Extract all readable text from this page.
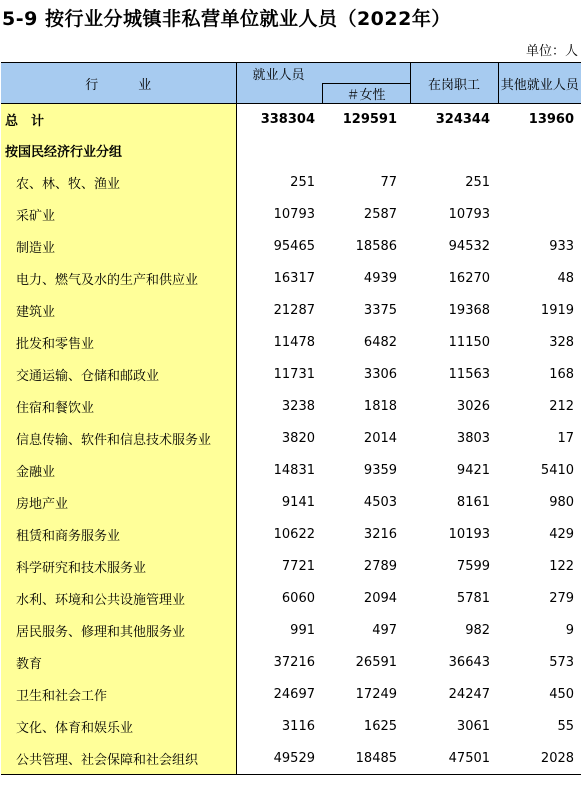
5-9 按行业分城镇非私营单位就业人员（2022年）
单位：人
行 业	就业人员		在岗职工	其他就业人员
		＃女性		
总　计	338304	129591	324344	13960
按国民经济行业分组				
农、林、牧、渔业	251	77	251	
采矿业	10793	2587	10793	
制造业	95465	18586	94532	933
电力、燃气及水的生产和供应业	16317	4939	16270	48
建筑业	21287	3375	19368	1919
批发和零售业	11478	6482	11150	328
交通运输、仓储和邮政业	11731	3306	11563	168
住宿和餐饮业	3238	1818	3026	212
信息传输、软件和信息技术服务业	3820	2014	3803	17
金融业	14831	9359	9421	5410
房地产业	9141	4503	8161	980
租赁和商务服务业	10622	3216	10193	429
科学研究和技术服务业	7721	2789	7599	122
水利、环境和公共设施管理业	6060	2094	5781	279
居民服务、修理和其他服务业	991	497	982	9
教育	37216	26591	36643	573
卫生和社会工作	24697	17249	24247	450
文化、体育和娱乐业	3116	1625	3061	55
公共管理、社会保障和社会组织	49529	18485	47501	2028
